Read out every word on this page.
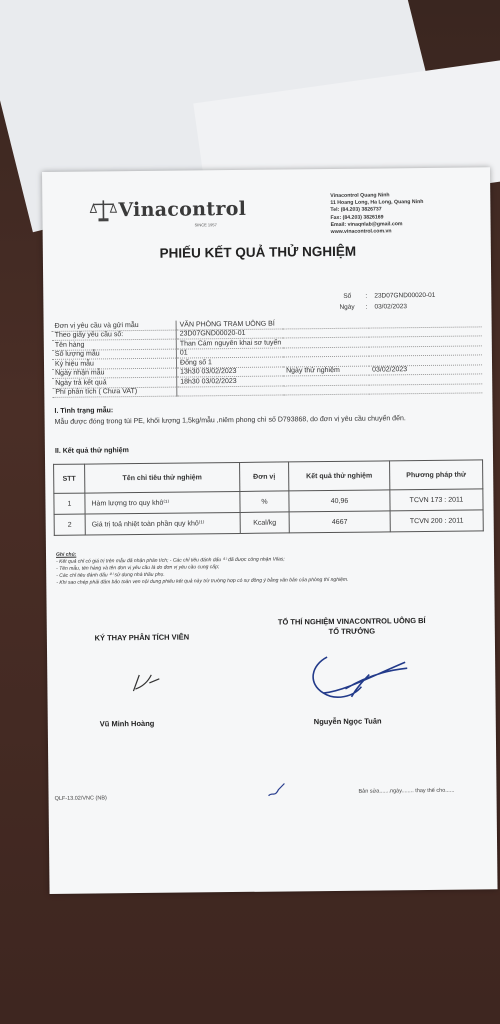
Vinacontrol
SINCE 1957
Vinacontrol Quang Ninh
11 Hoang Long, Ha Long, Quang Ninh
Tel: (84.203) 3826737
Fax: (84.203) 3826169
Email: vinaqnlab@gmail.com
www.vinacontrol.com.vn
PHIẾU KẾT QUẢ THỬ NGHIỆM
Số : 23D07GND00020-01
Ngày : 03/02/2023
Đơn vị yêu cầu và gửi mẫu	VĂN PHÒNG TRẠM UÔNG BÍ		
Theo giấy yêu cầu số:	23D07GND00020-01		
Tên hàng	Than Cám nguyên khai sơ tuyển		
Số lượng mẫu	01		
Ký hiệu mẫu	Đống số 1		
Ngày nhận mẫu	13h30 03/02/2023	Ngày thử nghiệm	03/02/2023
Ngày trả kết quả	18h30 03/02/2023		
Phí phân tích ( Chưa VAT)			
I. Tình trạng mẫu:
Mẫu được đóng trong túi PE, khối lượng 1,5kg/mẫu ,niêm phong chì số D793868, do đơn vị yêu cầu chuyển đến.
II. Kết quả thử nghiệm
STT	Tên chỉ tiêu thử nghiệm	Đơn vị	Kết quả thử nghiệm	Phương pháp thử
1	Hàm lượng tro quy khô⁽¹⁾	%	40,96	TCVN 173 : 2011
2	Giá trị toả nhiệt toàn phần quy khô⁽¹⁾	Kcal/kg	4667	TCVN 200 : 2011
Ghi chú:
- Kết quả chỉ có giá trị trên mẫu đã nhận phân tích; - Các chỉ tiêu đánh dấu ⁽¹⁾ đã được công nhận Vilas;
- Tên mẫu, tên hàng và tên đơn vị yêu cầu là do đơn vị yêu cầu cung cấp;
- Các chỉ tiêu đánh dấu ⁽²⁾ sử dụng nhà thầu phụ.
- Khi sao chép phải đảm bảo toàn vẹn nội dung phiếu kết quả này trừ trường hợp có sự đồng ý bằng văn bản của phòng thí nghiệm.
KÝ THAY PHÂN TÍCH VIÊN
TỔ THÍ NGHIỆM VINACONTROL UÔNG BÍ
TỔ TRƯỞNG
Vũ Minh Hoàng	Nguyễn Ngọc Tuân
QLF-13.02/VNC (NB)
Bản sửa.......ngày........ thay thế cho......
